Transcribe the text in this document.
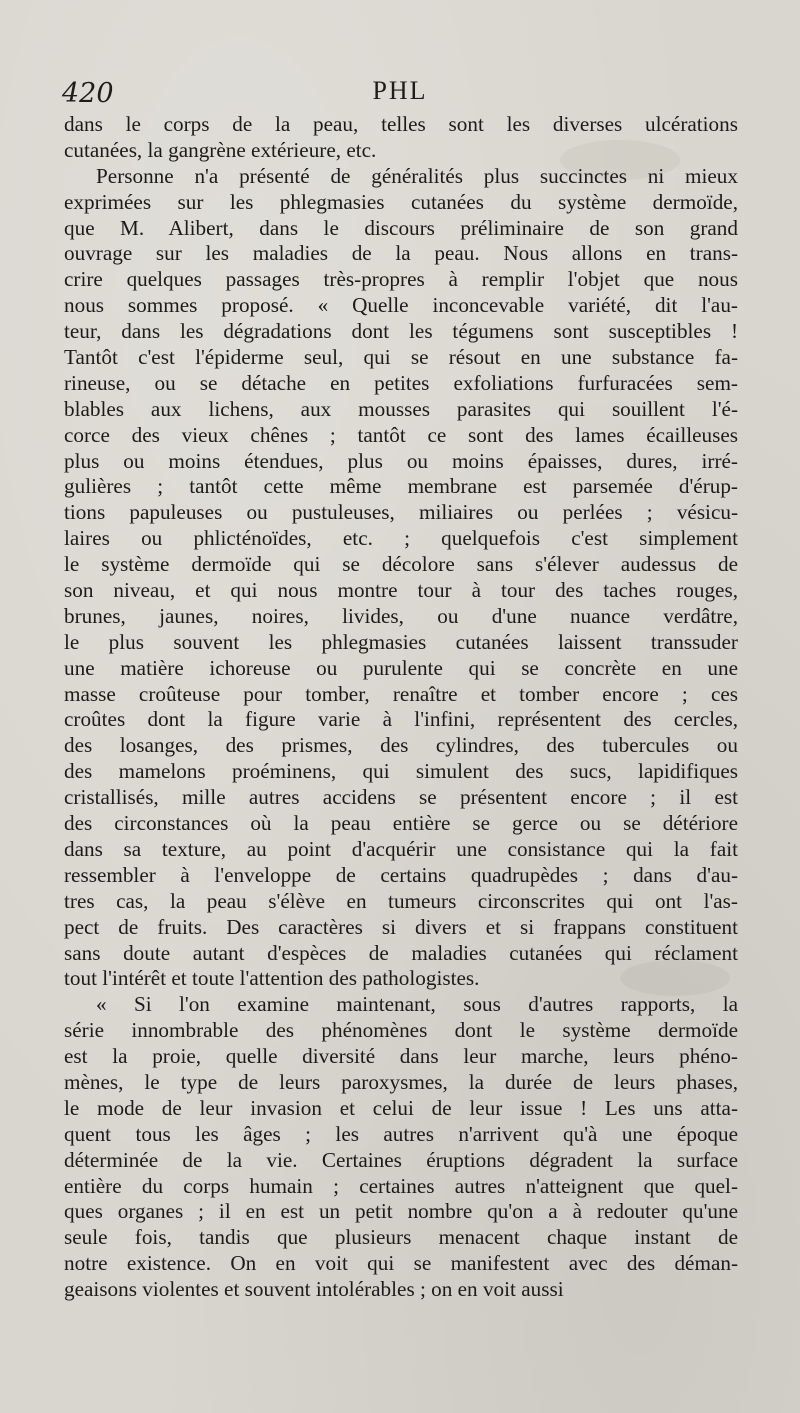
420	PHL
dans le corps de la peau, telles sont les diverses ulcérations
cutanées, la gangrène extérieure, etc.
Personne n'a présenté de généralités plus succinctes ni mieux
exprimées sur les phlegmasies cutanées du système dermoïde,
que M. Alibert, dans le discours préliminaire de son grand
ouvrage sur les maladies de la peau. Nous allons en trans-
crire quelques passages très-propres à remplir l'objet que nous
nous sommes proposé. « Quelle inconcevable variété, dit l'au-
teur, dans les dégradations dont les tégumens sont susceptibles !
Tantôt c'est l'épiderme seul, qui se résout en une substance fa-
rineuse, ou se détache en petites exfoliations furfuracées sem-
blables aux lichens, aux mousses parasites qui souillent l'é-
corce des vieux chênes ; tantôt ce sont des lames écailleuses
plus ou moins étendues, plus ou moins épaisses, dures, irré-
gulières ; tantôt cette même membrane est parsemée d'érup-
tions papuleuses ou pustuleuses, miliaires ou perlées ; vésicu-
laires ou phlicténoïdes, etc. ; quelquefois c'est simplement
le système dermoïde qui se décolore sans s'élever audessus de
son niveau, et qui nous montre tour à tour des taches rouges,
brunes, jaunes, noires, livides, ou d'une nuance verdâtre,
le plus souvent les phlegmasies cutanées laissent transsuder
une matière ichoreuse ou purulente qui se concrète en une
masse croûteuse pour tomber, renaître et tomber encore ; ces
croûtes dont la figure varie à l'infini, représentent des cercles,
des losanges, des prismes, des cylindres, des tubercules ou
des mamelons proéminens, qui simulent des sucs, lapidifiques
cristallisés, mille autres accidens se présentent encore ; il est
des circonstances où la peau entière se gerce ou se détériore
dans sa texture, au point d'acquérir une consistance qui la fait
ressembler à l'enveloppe de certains quadrupèdes ; dans d'au-
tres cas, la peau s'élève en tumeurs circonscrites qui ont l'as-
pect de fruits. Des caractères si divers et si frappans constituent
sans doute autant d'espèces de maladies cutanées qui réclament
tout l'intérêt et toute l'attention des pathologistes.
« Si l'on examine maintenant, sous d'autres rapports, la
série innombrable des phénomènes dont le système dermoïde
est la proie, quelle diversité dans leur marche, leurs phéno-
mènes, le type de leurs paroxysmes, la durée de leurs phases,
le mode de leur invasion et celui de leur issue ! Les uns atta-
quent tous les âges ; les autres n'arrivent qu'à une époque
déterminée de la vie. Certaines éruptions dégradent la surface
entière du corps humain ; certaines autres n'atteignent que quel-
ques organes ; il en est un petit nombre qu'on a à redouter qu'une
seule fois, tandis que plusieurs menacent chaque instant de
notre existence. On en voit qui se manifestent avec des déman-
geaisons violentes et souvent intolérables ; on en voit aussi
